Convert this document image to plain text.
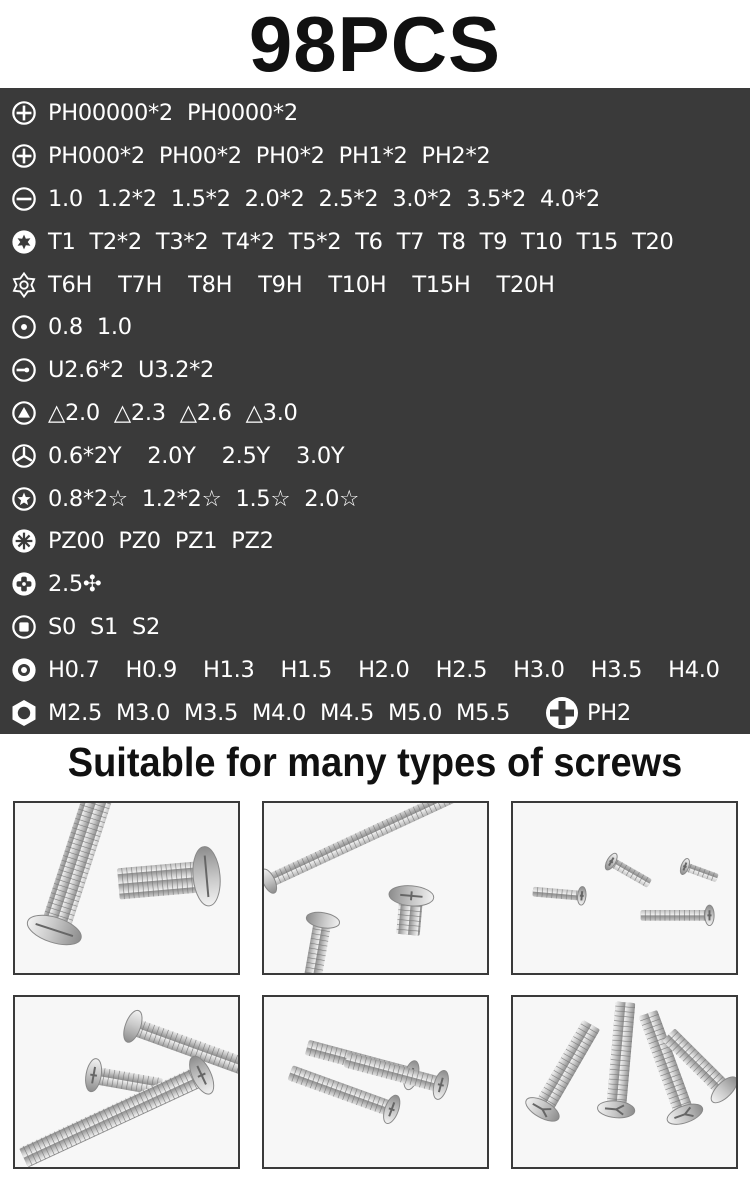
98PCS
PH00000*2 PH0000*2
PH000*2 PH00*2 PH0*2 PH1*2 PH2*2
1.0 1.2*2 1.5*2 2.0*2 2.5*2 3.0*2 3.5*2 4.0*2
T1 T2*2 T3*2 T4*2 T5*2 T6 T7 T8 T9 T10 T15 T20
T6H T7H T8H T9H T10H T15H T20H
0.8 1.0
U2.6*2 U3.2*2
△2.0 △2.3 △2.6 △3.0
0.6*2Y 2.0Y 2.5Y 3.0Y
0.8*2☆ 1.2*2☆ 1.5☆ 2.0☆
PZ00 PZ0 PZ1 PZ2
2.5✣
S0 S1 S2
H0.7 H0.9 H1.3 H1.5 H2.0 H2.5 H3.0 H3.5 H4.0
M2.5 M3.0 M3.5 M4.0 M4.5 M5.0 M5.5	PH2
Suitable for many types of screws
